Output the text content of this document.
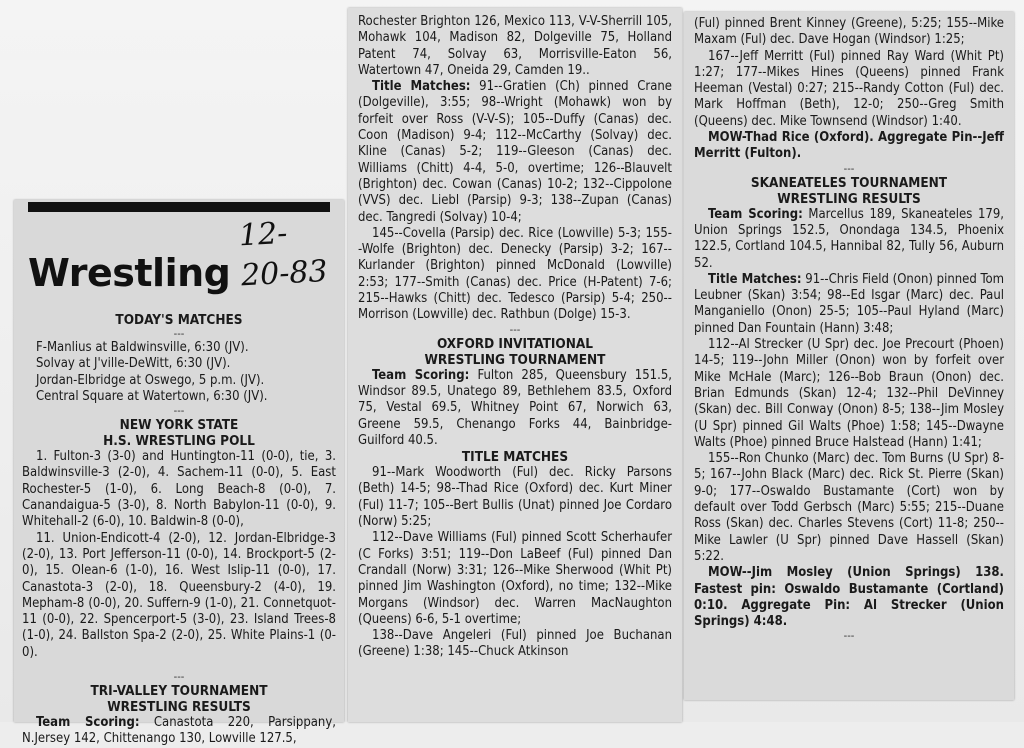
Wrestling
12-20-83
TODAY'S MATCHES
---

F-Manlius at Baldwinsville, 6:30 (JV).

Solvay at J'ville-DeWitt, 6:30 (JV).

Jordan-Elbridge at Oswego, 5 p.m. (JV).

Central Square at Watertown, 6:30 (JV).

---
NEW YORK STATE
H.S. WRESTLING POLL

1. Fulton-3 (3-0) and Huntington-11 (0-0), tie, 3. Baldwinsville-3 (2-0), 4. Sachem-11 (0-0), 5. East Rochester-5 (1-0), 6. Long Beach-8 (0-0), 7. Canandaigua-5 (3-0), 8. North Babylon-11 (0-0), 9. Whitehall-2 (6-0), 10. Baldwin-8 (0-0),

11. Union-Endicott-4 (2-0), 12. Jordan-Elbridge-3 (2-0), 13. Port Jefferson-11 (0-0), 14. Brockport-5 (2-0), 15. Olean-6 (1-0), 16. West Islip-11 (0-0), 17. Canastota-3 (2-0), 18. Queensbury-2 (4-0), 19. Mepham-8 (0-0), 20. Suffern-9 (1-0), 21. Connetquot-11 (0-0), 22. Spencerport-5 (3-0), 23. Island Trees-8 (1-0), 24. Ballston Spa-2 (2-0), 25. White Plains-1 (0-0).

---
TRI-VALLEY TOURNAMENT
WRESTLING RESULTS

Team Scoring: Canastota 220, Parsippany, N.Jersey 142, Chittenango 130, Lowville 127.5,

Rochester Brighton 126, Mexico 113, V-V-Sherrill 105, Mohawk 104, Madison 82, Dolgeville 75, Holland Patent 74, Solvay 63, Morrisville-Eaton 56, Watertown 47, Oneida 29, Camden 19..

Title Matches: 91--Gratien (Ch) pinned Crane (Dolgeville), 3:55; 98--Wright (Mohawk) won by forfeit over Ross (V-V-S); 105--Duffy (Canas) dec. Coon (Madison) 9-4; 112--McCarthy (Solvay) dec. Kline (Canas) 5-2; 119--Gleeson (Canas) dec. Williams (Chitt) 4-4, 5-0, overtime; 126--Blauvelt (Brighton) dec. Cowan (Canas) 10-2; 132--Cippolone (VVS) dec. Liebl (Parsip) 9-3; 138--Zupan (Canas) dec. Tangredi (Solvay) 10-4;

145--Covella (Parsip) dec. Rice (Lowville) 5-3; 155--Wolfe (Brighton) dec. Denecky (Parsip) 3-2; 167--Kurlander (Brighton) pinned McDonald (Lowville) 2:53; 177--Smith (Canas) dec. Price (H-Patent) 7-6; 215--Hawks (Chitt) dec. Tedesco (Parsip) 5-4; 250--Morrison (Lowville) dec. Rathbun (Dolge) 15-3.

---
OXFORD INVITATIONAL
WRESTLING TOURNAMENT

Team Scoring: Fulton 285, Queensbury 151.5, Windsor 89.5, Unatego 89, Bethlehem 83.5, Oxford 75, Vestal 69.5, Whitney Point 67, Norwich 63, Greene 59.5, Chenango Forks 44, Bainbridge-Guilford 40.5.

TITLE MATCHES

91--Mark Woodworth (Ful) dec. Ricky Parsons (Beth) 14-5; 98--Thad Rice (Oxford) dec. Kurt Miner (Ful) 11-7; 105--Bert Bullis (Unat) pinned Joe Cordaro (Norw) 5:25;

112--Dave Williams (Ful) pinned Scott Scherhaufer (C Forks) 3:51; 119--Don LaBeef (Ful) pinned Dan Crandall (Norw) 3:31; 126--Mike Sherwood (Whit Pt) pinned Jim Washington (Oxford), no time; 132--Mike Morgans (Windsor) dec. Warren MacNaughton (Queens) 6-6, 5-1 overtime;

138--Dave Angeleri (Ful) pinned Joe Buchanan (Greene) 1:38; 145--Chuck Atkinson

(Ful) pinned Brent Kinney (Greene), 5:25; 155--Mike Maxam (Ful) dec. Dave Hogan (Windsor) 1:25;

167--Jeff Merritt (Ful) pinned Ray Ward (Whit Pt) 1:27; 177--Mikes Hines (Queens) pinned Frank Heeman (Vestal) 0:27; 215--Randy Cotton (Ful) dec. Mark Hoffman (Beth), 12-0; 250--Greg Smith (Queens) dec. Mike Townsend (Windsor) 1:40.

MOW-Thad Rice (Oxford). Aggregate Pin--Jeff Merritt (Fulton).

---
SKANEATELES TOURNAMENT
WRESTLING RESULTS

Team Scoring: Marcellus 189, Skaneateles 179, Union Springs 152.5, Onondaga 134.5, Phoenix 122.5, Cortland 104.5, Hannibal 82, Tully 56, Auburn 52.

Title Matches: 91--Chris Field (Onon) pinned Tom Leubner (Skan) 3:54; 98--Ed Isgar (Marc) dec. Paul Manganiello (Onon) 25-5; 105--Paul Hyland (Marc) pinned Dan Fountain (Hann) 3:48;

112--Al Strecker (U Spr) dec. Joe Precourt (Phoen) 14-5; 119--John Miller (Onon) won by forfeit over Mike McHale (Marc); 126--Bob Braun (Onon) dec. Brian Edmunds (Skan) 12-4; 132--Phil DeVinney (Skan) dec. Bill Conway (Onon) 8-5; 138--Jim Mosley (U Spr) pinned Gil Walts (Phoe) 1:58; 145--Dwayne Walts (Phoe) pinned Bruce Halstead (Hann) 1:41;

155--Ron Chunko (Marc) dec. Tom Burns (U Spr) 8-5; 167--John Black (Marc) dec. Rick St. Pierre (Skan) 9-0; 177--Oswaldo Bustamante (Cort) won by default over Todd Gerbsch (Marc) 5:55; 215--Duane Ross (Skan) dec. Charles Stevens (Cort) 11-8; 250--Mike Lawler (U Spr) pinned Dave Hassell (Skan) 5:22.

MOW--Jim Mosley (Union Springs) 138. Fastest pin: Oswaldo Bustamante (Cortland) 0:10. Aggregate Pin: Al Strecker (Union Springs) 4:48.

---
